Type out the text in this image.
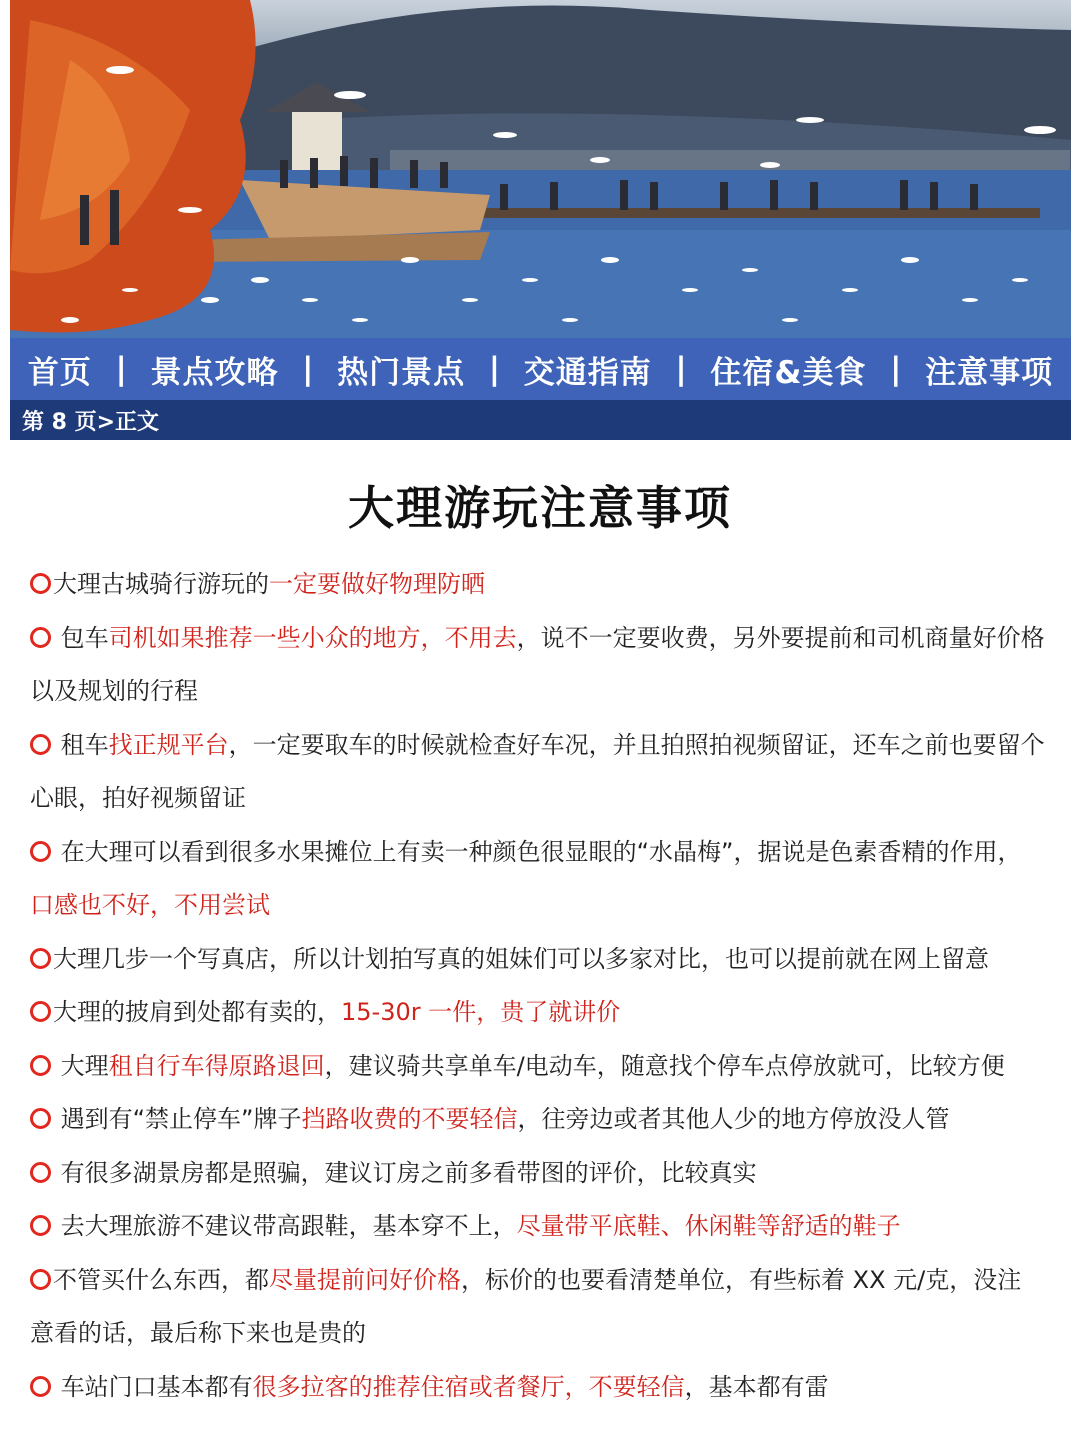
首页 | 景点攻略 | 热门景点 | 交通指南 | 住宿&美食 | 注意事项
第 8 页>正文
大理游玩注意事项
大理古城骑行游玩的一定要做好物理防晒
包车司机如果推荐一些小众的地方，不用去，说不一定要收费，另外要提前和司机商量好价格以及规划的行程
租车找正规平台，一定要取车的时候就检查好车况，并且拍照拍视频留证，还车之前也要留个心眼，拍好视频留证
在大理可以看到很多水果摊位上有卖一种颜色很显眼的“水晶梅”，据说是色素香精的作用，口感也不好，不用尝试
大理几步一个写真店，所以计划拍写真的姐妹们可以多家对比，也可以提前就在网上留意
大理的披肩到处都有卖的，15-30r 一件，贵了就讲价
大理租自行车得原路退回，建议骑共享单车/电动车，随意找个停车点停放就可，比较方便
遇到有“禁止停车”牌子挡路收费的不要轻信，往旁边或者其他人少的地方停放没人管
有很多湖景房都是照骗，建议订房之前多看带图的评价，比较真实
去大理旅游不建议带高跟鞋，基本穿不上，尽量带平底鞋、休闲鞋等舒适的鞋子
不管买什么东西，都尽量提前问好价格，标价的也要看清楚单位，有些标着 XX 元/克，没注意看的话，最后称下来也是贵的
车站门口基本都有很多拉客的推荐住宿或者餐厅，不要轻信，基本都有雷
